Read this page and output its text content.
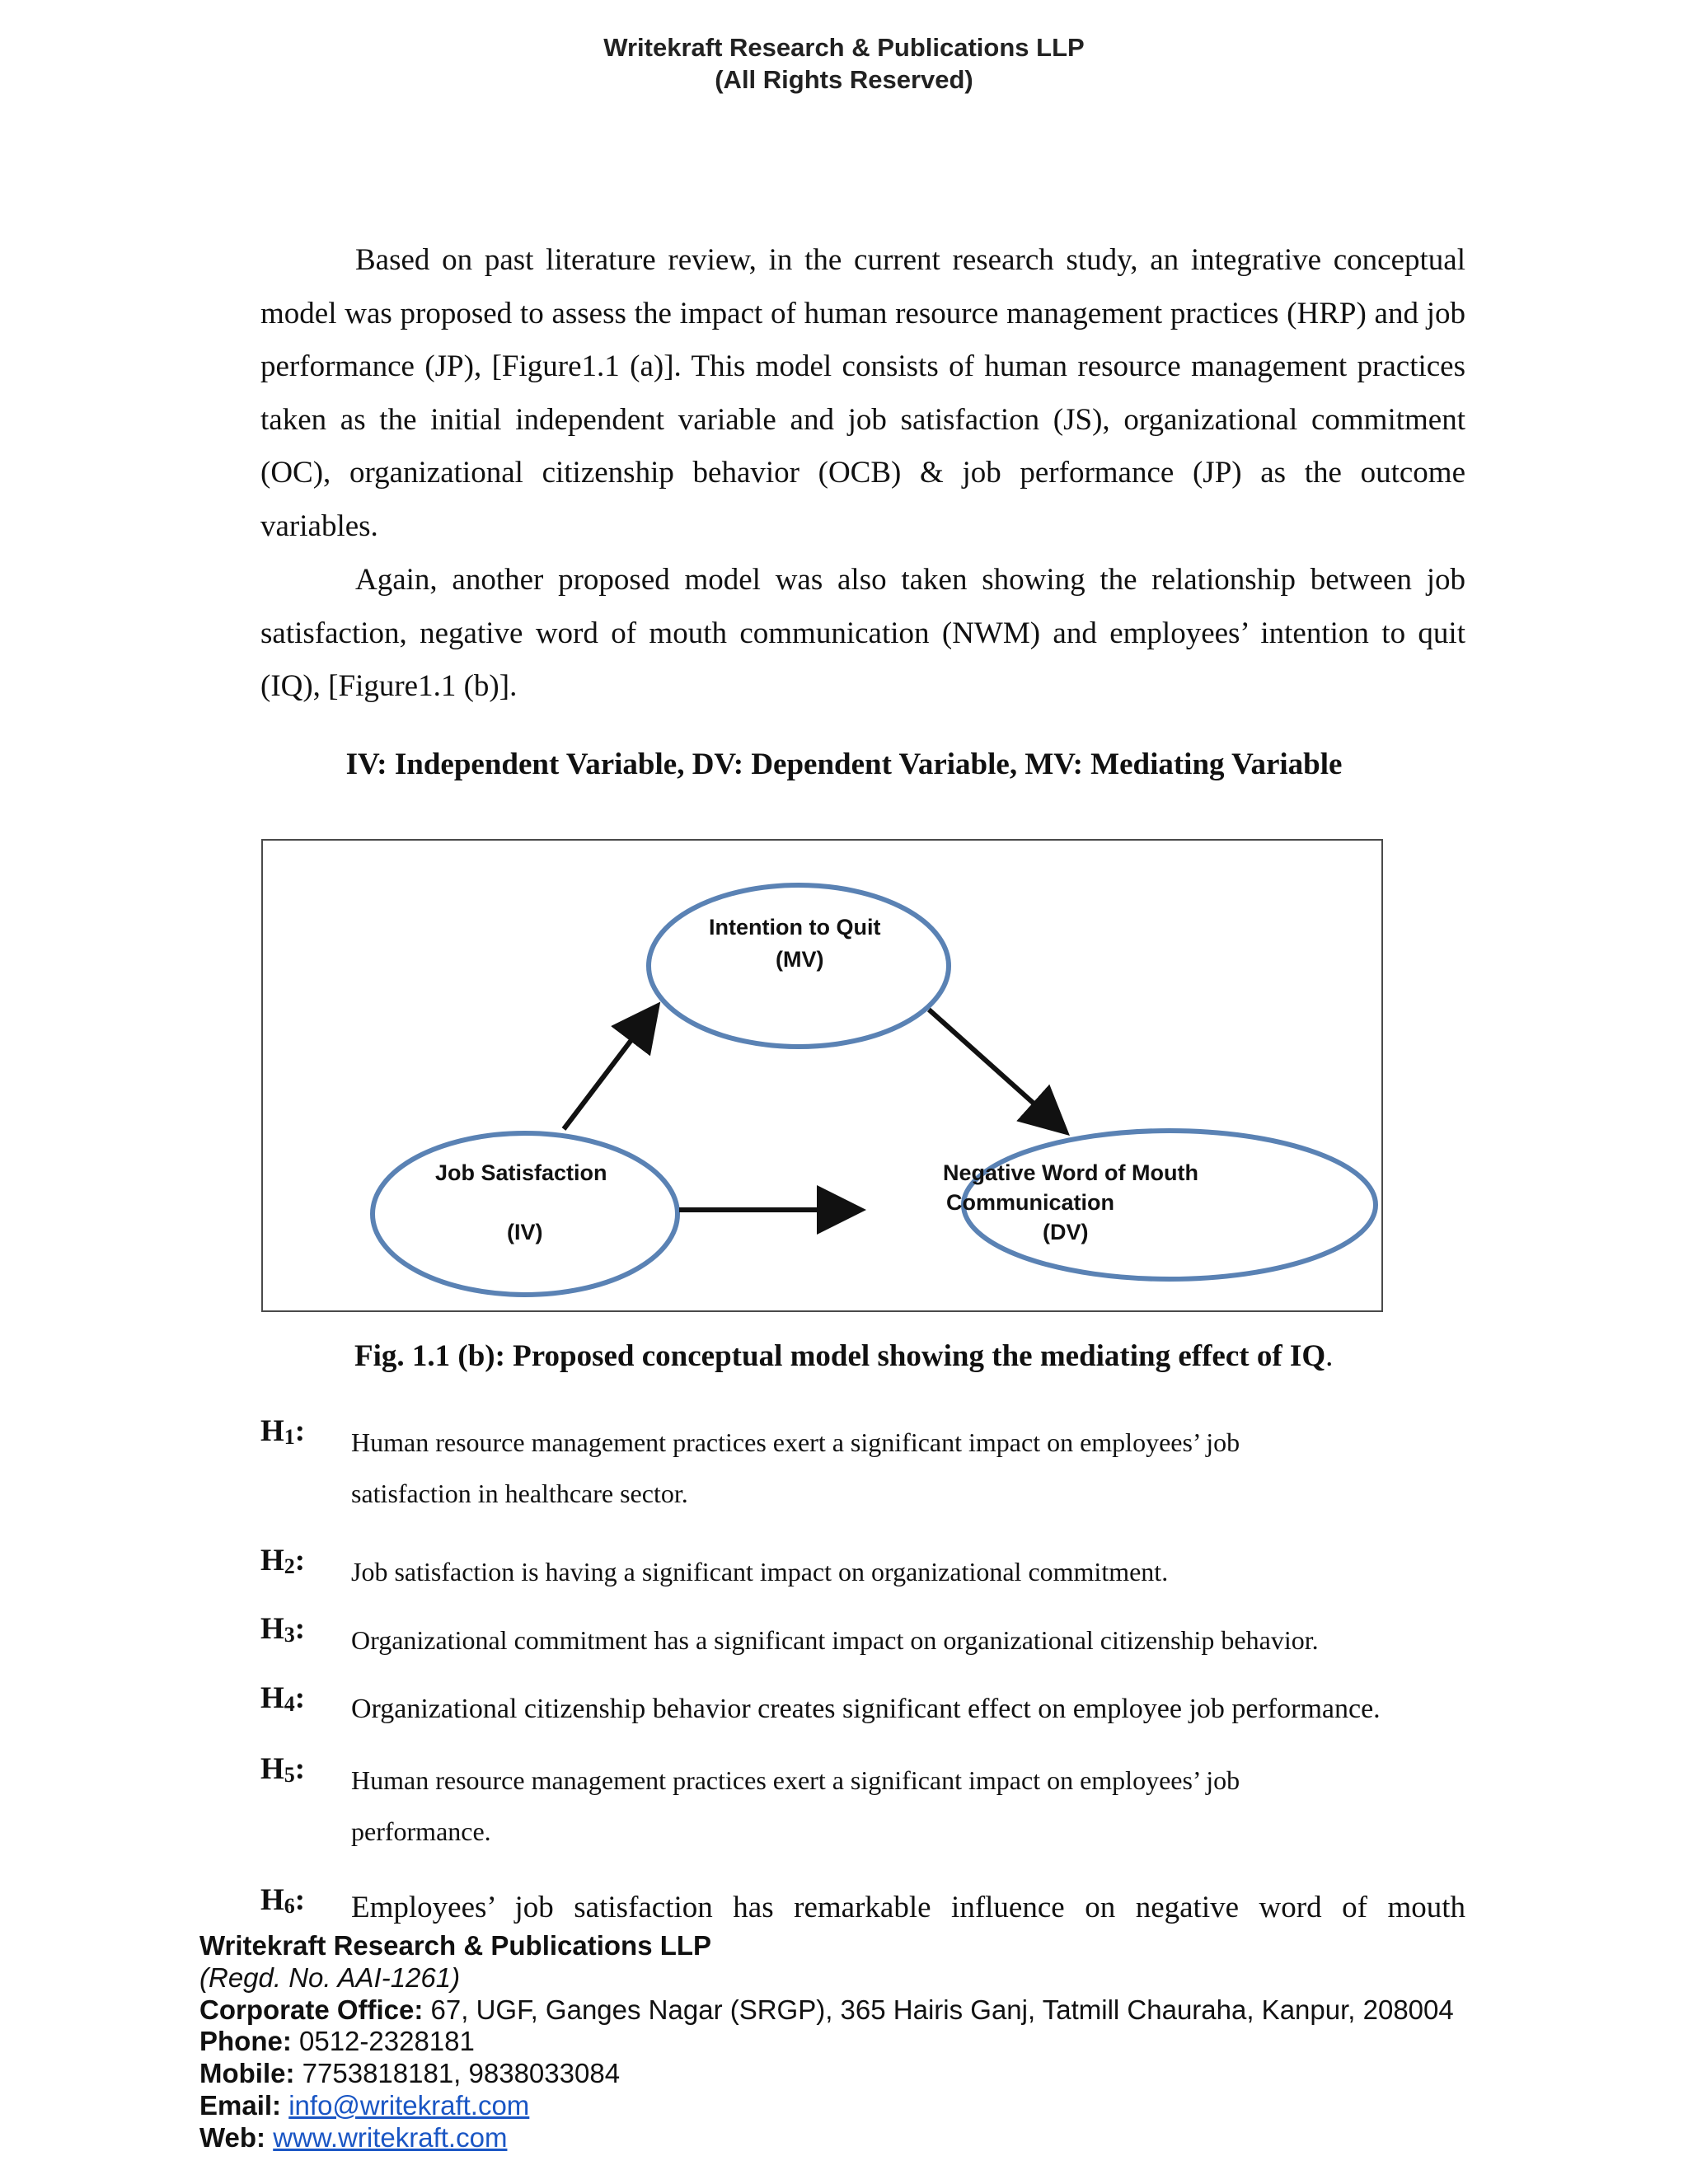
Writekraft Research & Publications LLP
(All Rights Reserved)

Based on past literature review, in the current research study, an integrative conceptual model was proposed to assess the impact of human resource management practices (HRP) and job performance (JP), [Figure1.1 (a)]. This model consists of human resource management practices taken as the initial independent variable and job satisfaction (JS), organizational commitment (OC), organizational citizenship behavior (OCB) & job performance (JP) as the outcome variables.

Again, another proposed model was also taken showing the relationship between job satisfaction, negative word of mouth communication (NWM) and employees’ intention to quit (IQ), [Figure1.1 (b)].

IV: Independent Variable, DV: Dependent Variable, MV: Mediating Variable
Intention to Quit
(MV)
Job Satisfaction
(IV)
Negative Word of Mouth
Communication
(DV)
Fig. 1.1 (b): Proposed conceptual model showing the mediating effect of IQ.
$H_1$: Human resource management practices exert a significant impact on employees’ job satisfaction in healthcare sector.

$H_2$: Job satisfaction is having a significant impact on organizational commitment.

$H_3$: Organizational commitment has a significant impact on organizational citizenship behavior.

$H_4$: Organizational citizenship behavior creates significant effect on employee job performance.

$H_5$: Human resource management practices exert a significant impact on employees’ job performance.

$H_6$: Employees’ job satisfaction has remarkable influence on negative word of mouth

Writekraft Research & Publications LLP
(Regd. No. AAI-1261)
Corporate Office: 67, UGF, Ganges Nagar (SRGP), 365 Hairis Ganj, Tatmill Chauraha, Kanpur, 208004
Phone: 0512-2328181
Mobile: 7753818181, 9838033084
Email: info@writekraft.com
Web: www.writekraft.com
